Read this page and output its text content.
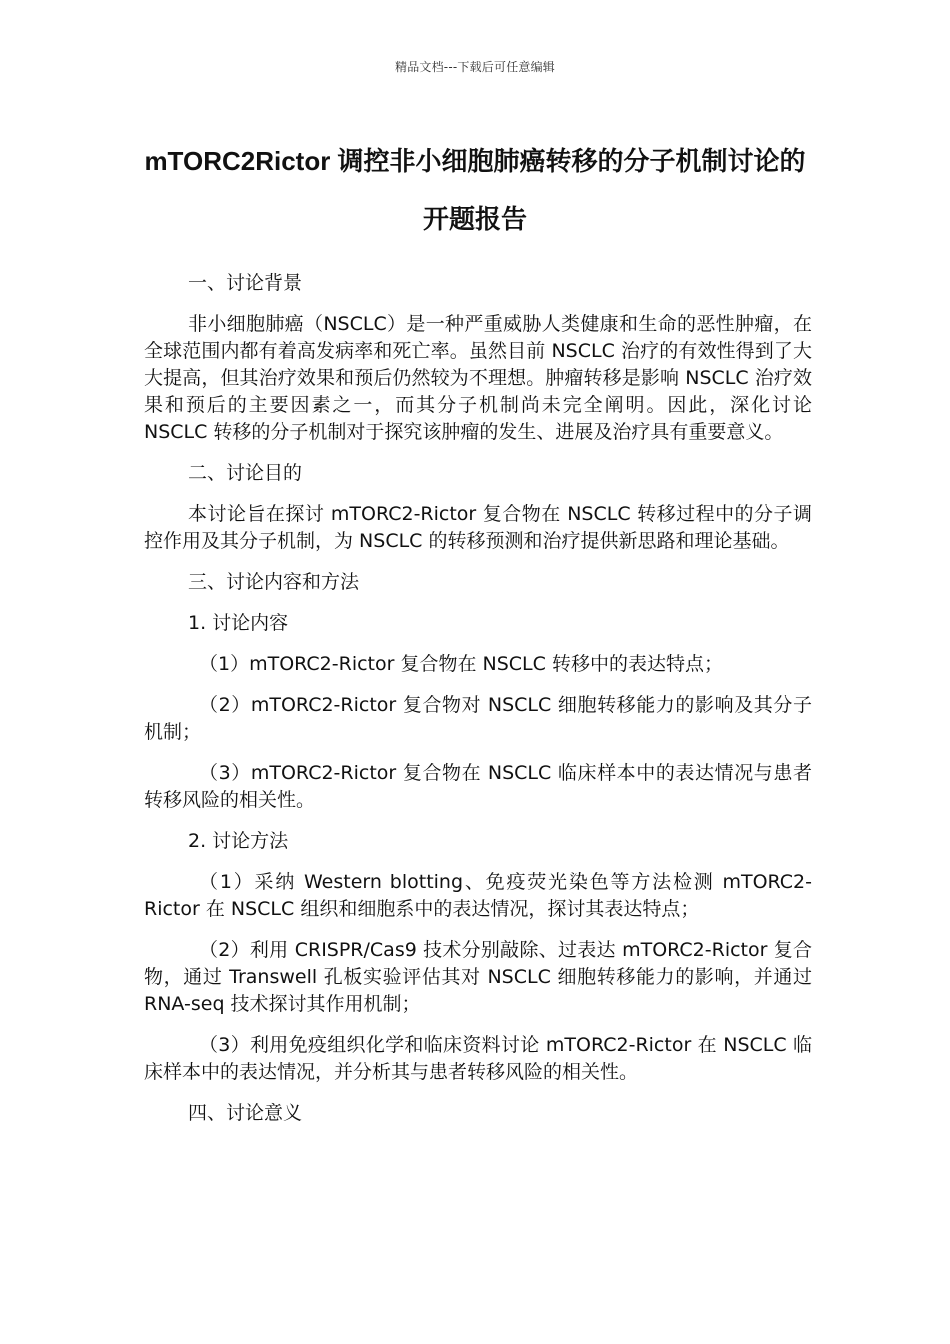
精品文档---下载后可任意编辑
mTORC2Rictor 调控非小细胞肺癌转移的分子机制讨论的开题报告

一、讨论背景

非小细胞肺癌（NSCLC）是一种严重威胁人类健康和生命的恶性肿瘤，在全球范围内都有着高发病率和死亡率。虽然目前 NSCLC 治疗的有效性得到了大大提高，但其治疗效果和预后仍然较为不理想。肿瘤转移是影响 NSCLC 治疗效果和预后的主要因素之一，而其分子机制尚未完全阐明。因此，深化讨论 NSCLC 转移的分子机制对于探究该肿瘤的发生、进展及治疗具有重要意义。

二、讨论目的

本讨论旨在探讨 mTORC2-Rictor 复合物在 NSCLC 转移过程中的分子调控作用及其分子机制，为 NSCLC 的转移预测和治疗提供新思路和理论基础。

三、讨论内容和方法

1. 讨论内容

（1）mTORC2-Rictor 复合物在 NSCLC 转移中的表达特点；

（2）mTORC2-Rictor 复合物对 NSCLC 细胞转移能力的影响及其分子机制；

（3）mTORC2-Rictor 复合物在 NSCLC 临床样本中的表达情况与患者转移风险的相关性。

2. 讨论方法

（1）采纳 Western blotting、免疫荧光染色等方法检测 mTORC2-Rictor 在 NSCLC 组织和细胞系中的表达情况，探讨其表达特点；

（2）利用 CRISPR/Cas9 技术分别敲除、过表达 mTORC2-Rictor 复合物，通过 Transwell 孔板实验评估其对 NSCLC 细胞转移能力的影响，并通过 RNA-seq 技术探讨其作用机制；

（3）利用免疫组织化学和临床资料讨论 mTORC2-Rictor 在 NSCLC 临床样本中的表达情况，并分析其与患者转移风险的相关性。

四、讨论意义
